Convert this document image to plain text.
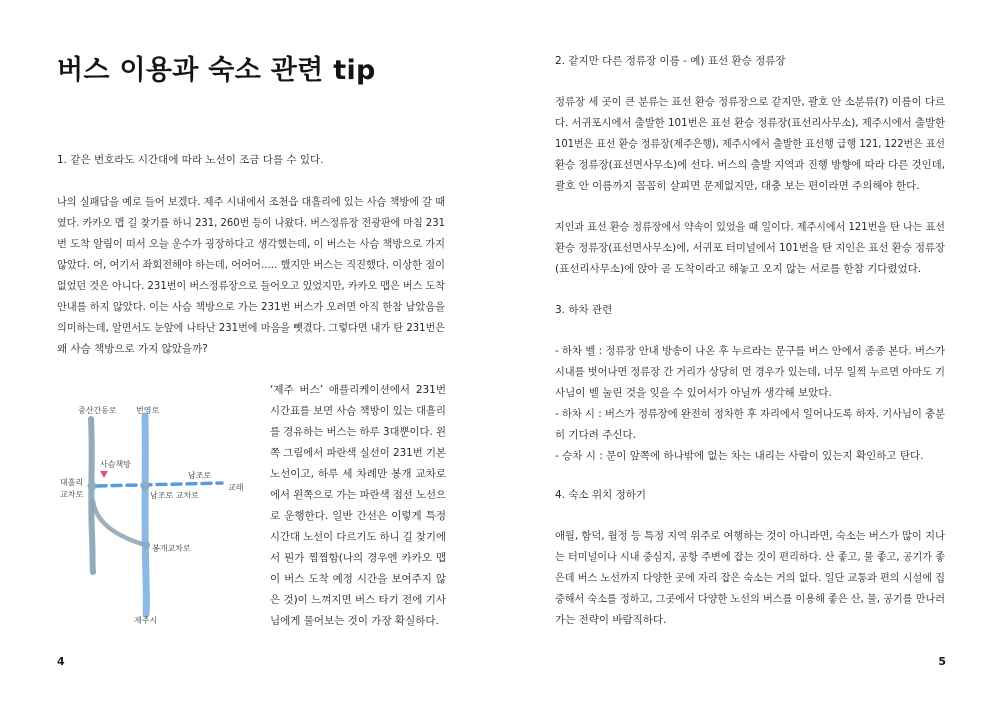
버스 이용과 숙소 관련 tip
1. 같은 번호라도 시간대에 따라 노선이 조금 다를 수 있다.
나의 실패담을 예로 들어 보겠다. 제주 시내에서 조천읍 대흘리에 있는 사슴 책방에 갈 때
였다. 카카오 맵 길 찾기를 하니 231, 260번 등이 나왔다. 버스정류장 전광판에 마침 231
번 도착 알림이 떠서 오늘 운수가 굉장하다고 생각했는데, 이 버스는 사슴 책방으로 가지
않았다. 어, 여기서 좌회전해야 하는데, 어어어..... 했지만 버스는 직진했다. 이상한 점이
없었던 것은 아니다. 231번이 버스정류장으로 들어오고 있었지만, 카카오 맵은 버스 도착
안내를 하지 않았다. 이는 사슴 책방으로 가는 231번 버스가 오려면 아직 한참 남았음을
의미하는데, 알면서도 눈앞에 나타난 231번에 마음을 뺏겼다. 그렇다면 내가 탄 231번은
왜 사슴 책방으로 가지 않았을까?
중산간동로 번영로
사슴책방
남조로
대흘리
교차로	남조로 교차로
교래
봉개교차로
제주시
‘제주 버스’ 애플리케이션에서 231번
시간표를 보면 사슴 책방이 있는 대흘리
를 경유하는 버스는 하루 3대뿐이다. 왼
쪽 그림에서 파란색 실선이 231번 기본
노선이고, 하루 세 차례만 봉개 교차로
에서 왼쪽으로 가는 파란색 점선 노선으
로 운행한다. 일반 간선은 이렇게 특정
시간대 노선이 다르기도 하니 길 찾기에
서 뭔가 찜찜함(나의 경우엔 카카오 맵
이 버스 도착 예정 시간을 보여주지 않
은 것)이 느껴지면 버스 타기 전에 기사
님에게 물어보는 것이 가장 확실하다.
4
2. 같지만 다른 정류장 이름 - 예) 표선 환승 정류장
정류장 세 곳이 큰 분류는 표선 환승 정류장으로 같지만, 괄호 안 소분류(?) 이름이 다르
다. 서귀포시에서 출발한 101번은 표선 환승 정류장(표선리사무소), 제주시에서 출발한
101번은 표선 환승 정류장(제주은행), 제주시에서 출발한 표선행 급행 121, 122번은 표선
환승 정류장(표선면사무소)에 선다. 버스의 출발 지역과 진행 방향에 따라 다른 것인데,
괄호 안 이름까지 꼼꼼히 살피면 문제없지만, 대충 보는 편이라면 주의해야 한다.
지인과 표선 환승 정류장에서 약속이 있었을 때 일이다. 제주시에서 121번을 탄 나는 표선
환승 정류장(표선면사무소)에, 서귀포 터미널에서 101번을 탄 지인은 표선 환승 정류장
(표선리사무소)에 앉아 곧 도착이라고 해놓고 오지 않는 서로를 한참 기다렸었다.
3. 하차 관련
- 하차 벨 : 정류장 안내 방송이 나온 후 누르라는 문구를 버스 안에서 종종 본다. 버스가
시내를 벗어나면 정류장 간 거리가 상당히 먼 경우가 있는데, 너무 일찍 누르면 아마도 기
사님이 벨 눌린 것을 잊을 수 있어서가 아닐까 생각해 보았다.
- 하차 시 : 버스가 정류장에 완전히 정차한 후 자리에서 일어나도록 하자. 기사님이 충분
히 기다려 주신다.
- 승차 시 : 문이 앞쪽에 하나밖에 없는 차는 내리는 사람이 있는지 확인하고 탄다.
4. 숙소 위치 정하기
애월, 함덕, 월정 등 특정 지역 위주로 여행하는 것이 아니라면, 숙소는 버스가 많이 지나
는 터미널이나 시내 중심지, 공항 주변에 잡는 것이 편리하다. 산 좋고, 물 좋고, 공기가 좋
은데 버스 노선까지 다양한 곳에 자리 잡은 숙소는 거의 없다. 일단 교통과 편의 시설에 집
중해서 숙소를 정하고, 그곳에서 다양한 노선의 버스를 이용해 좋은 산, 물, 공기를 만나러
가는 전략이 바람직하다.
5
